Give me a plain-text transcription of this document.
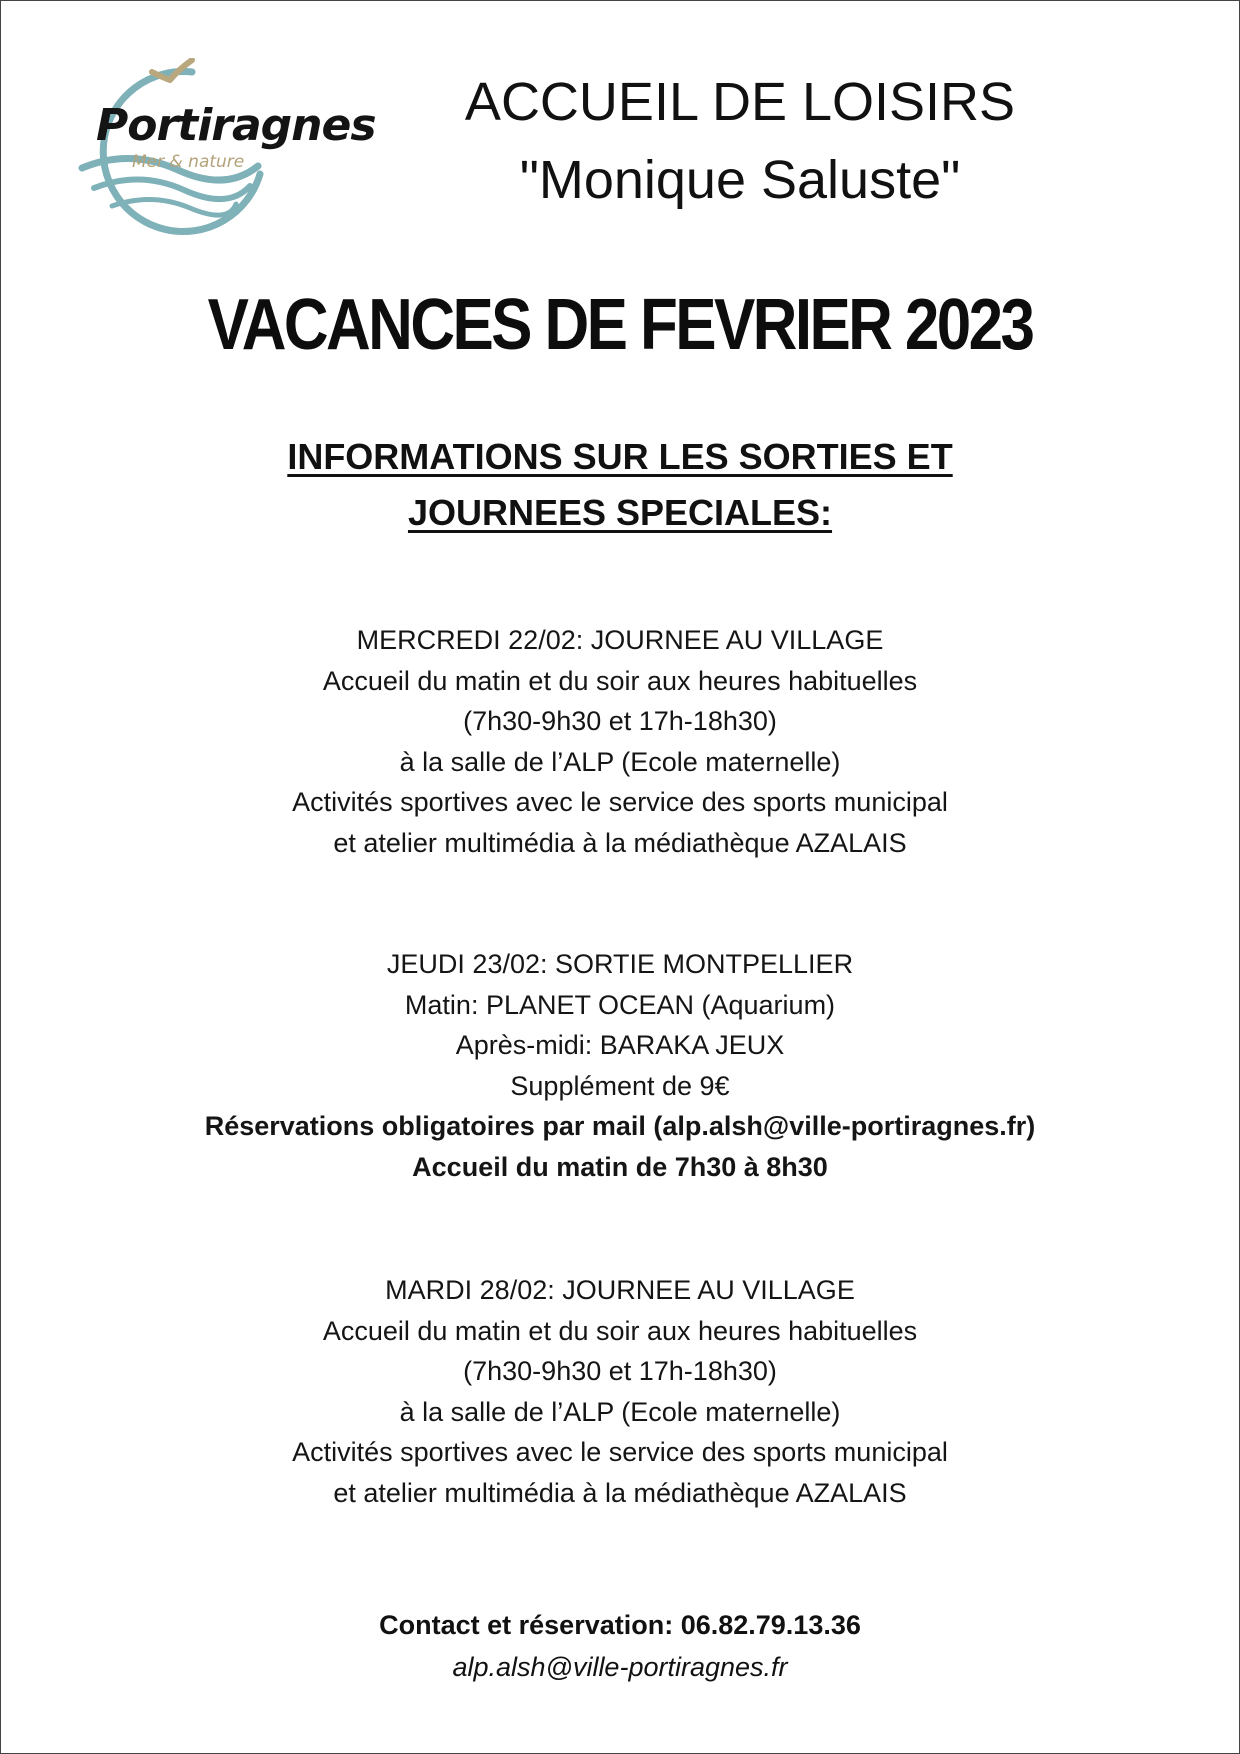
Portiragnes
Mer & nature
ACCUEIL DE LOISIRS
"Monique Saluste"
VACANCES DE FEVRIER 2023
INFORMATIONS SUR LES SORTIES ET
JOURNEES SPECIALES:
MERCREDI 22/02: JOURNEE AU VILLAGE
Accueil du matin et du soir aux heures habituelles
(7h30-9h30 et 17h-18h30)
à la salle de l’ALP (Ecole maternelle)
Activités sportives avec le service des sports municipal
et atelier multimédia à la médiathèque AZALAIS
JEUDI 23/02: SORTIE MONTPELLIER
Matin: PLANET OCEAN (Aquarium)
Après-midi: BARAKA JEUX
Supplément de 9€
Réservations obligatoires par mail (alp.alsh@ville-portiragnes.fr)
Accueil du matin de 7h30 à 8h30
MARDI 28/02: JOURNEE AU VILLAGE
Accueil du matin et du soir aux heures habituelles
(7h30-9h30 et 17h-18h30)
à la salle de l’ALP (Ecole maternelle)
Activités sportives avec le service des sports municipal
et atelier multimédia à la médiathèque AZALAIS
Contact et réservation: 06.82.79.13.36
alp.alsh@ville-portiragnes.fr
